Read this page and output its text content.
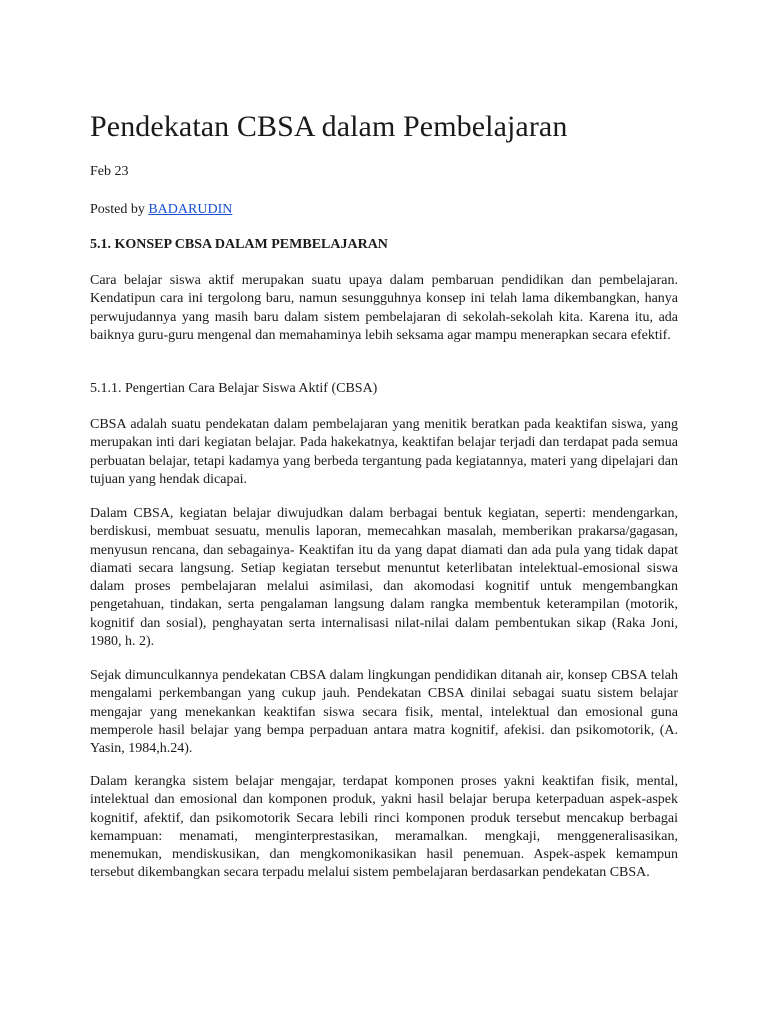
Pendekatan CBSA dalam Pembelajaran

Feb 23

Posted by BADARUDIN

5.1. KONSEP CBSA DALAM PEMBELAJARAN

Cara belajar siswa aktif merupakan suatu upaya dalam pembaruan pendidikan dan pembelajaran. Kendatipun cara ini tergolong baru, namun sesungguhnya konsep ini telah lama dikembangkan, hanya perwujudannya yang masih baru dalam sistem pembelajaran di sekolah-sekolah kita. Karena itu, ada baiknya guru-guru mengenal dan memahaminya lebih seksama agar mampu menerapkan secara efektif.

5.1.1. Pengertian Cara Belajar Siswa Aktif (CBSA)

CBSA adalah suatu pendekatan dalam pembelajaran yang menitik beratkan pada keaktifan siswa, yang merupakan inti dari kegiatan belajar. Pada hakekatnya, keaktifan belajar terjadi dan terdapat pada semua perbuatan belajar, tetapi kadamya yang berbeda tergantung pada kegiatannya, materi yang dipelajari dan tujuan yang hendak dicapai.

Dalam CBSA, kegiatan belajar diwujudkan dalam berbagai bentuk kegiatan, seperti: mendengarkan, berdiskusi, membuat sesuatu, menulis laporan, memecahkan masalah, memberikan prakarsa/gagasan, menyusun rencana, dan sebagainya- Keaktifan itu da yang dapat diamati dan ada pula yang tidak dapat diamati secara langsung. Setiap kegiatan tersebut menuntut keterlibatan intelektual-emosional siswa dalam proses pembelajaran melalui asimilasi, dan akomodasi kognitif untuk mengembangkan pengetahuan, tindakan, serta pengalaman langsung dalam rangka membentuk keterampilan (motorik, kognitif dan sosial), penghayatan serta internalisasi nilat-nilai dalam pembentukan sikap (Raka Joni, 1980, h. 2).

Sejak dimunculkannya pendekatan CBSA dalam lingkungan pendidikan ditanah air, konsep CBSA telah mengalami perkembangan yang cukup jauh. Pendekatan CBSA dinilai sebagai suatu sistem belajar mengajar yang menekankan keaktifan siswa secara fisik, mental, intelektual dan emosional guna memperole hasil belajar yang bempa perpaduan antara matra kognitif, afekisi. dan psikomotorik, (A. Yasin, 1984,h.24).

Dalam kerangka sistem belajar mengajar, terdapat komponen proses yakni keaktifan fisik, mental, intelektual dan emosional dan komponen produk, yakni hasil belajar berupa keterpaduan aspek-aspek kognitif, afektif, dan psikomotorik Secara lebili rinci komponen produk tersebut mencakup berbagai kemampuan: menamati, menginterprestasikan, meramalkan. mengkaji, menggeneralisasikan, menemukan, mendiskusikan, dan mengkomonikasikan hasil penemuan. Aspek-aspek kemampun tersebut dikembangkan secara terpadu melalui sistem pembelajaran berdasarkan pendekatan CBSA.
